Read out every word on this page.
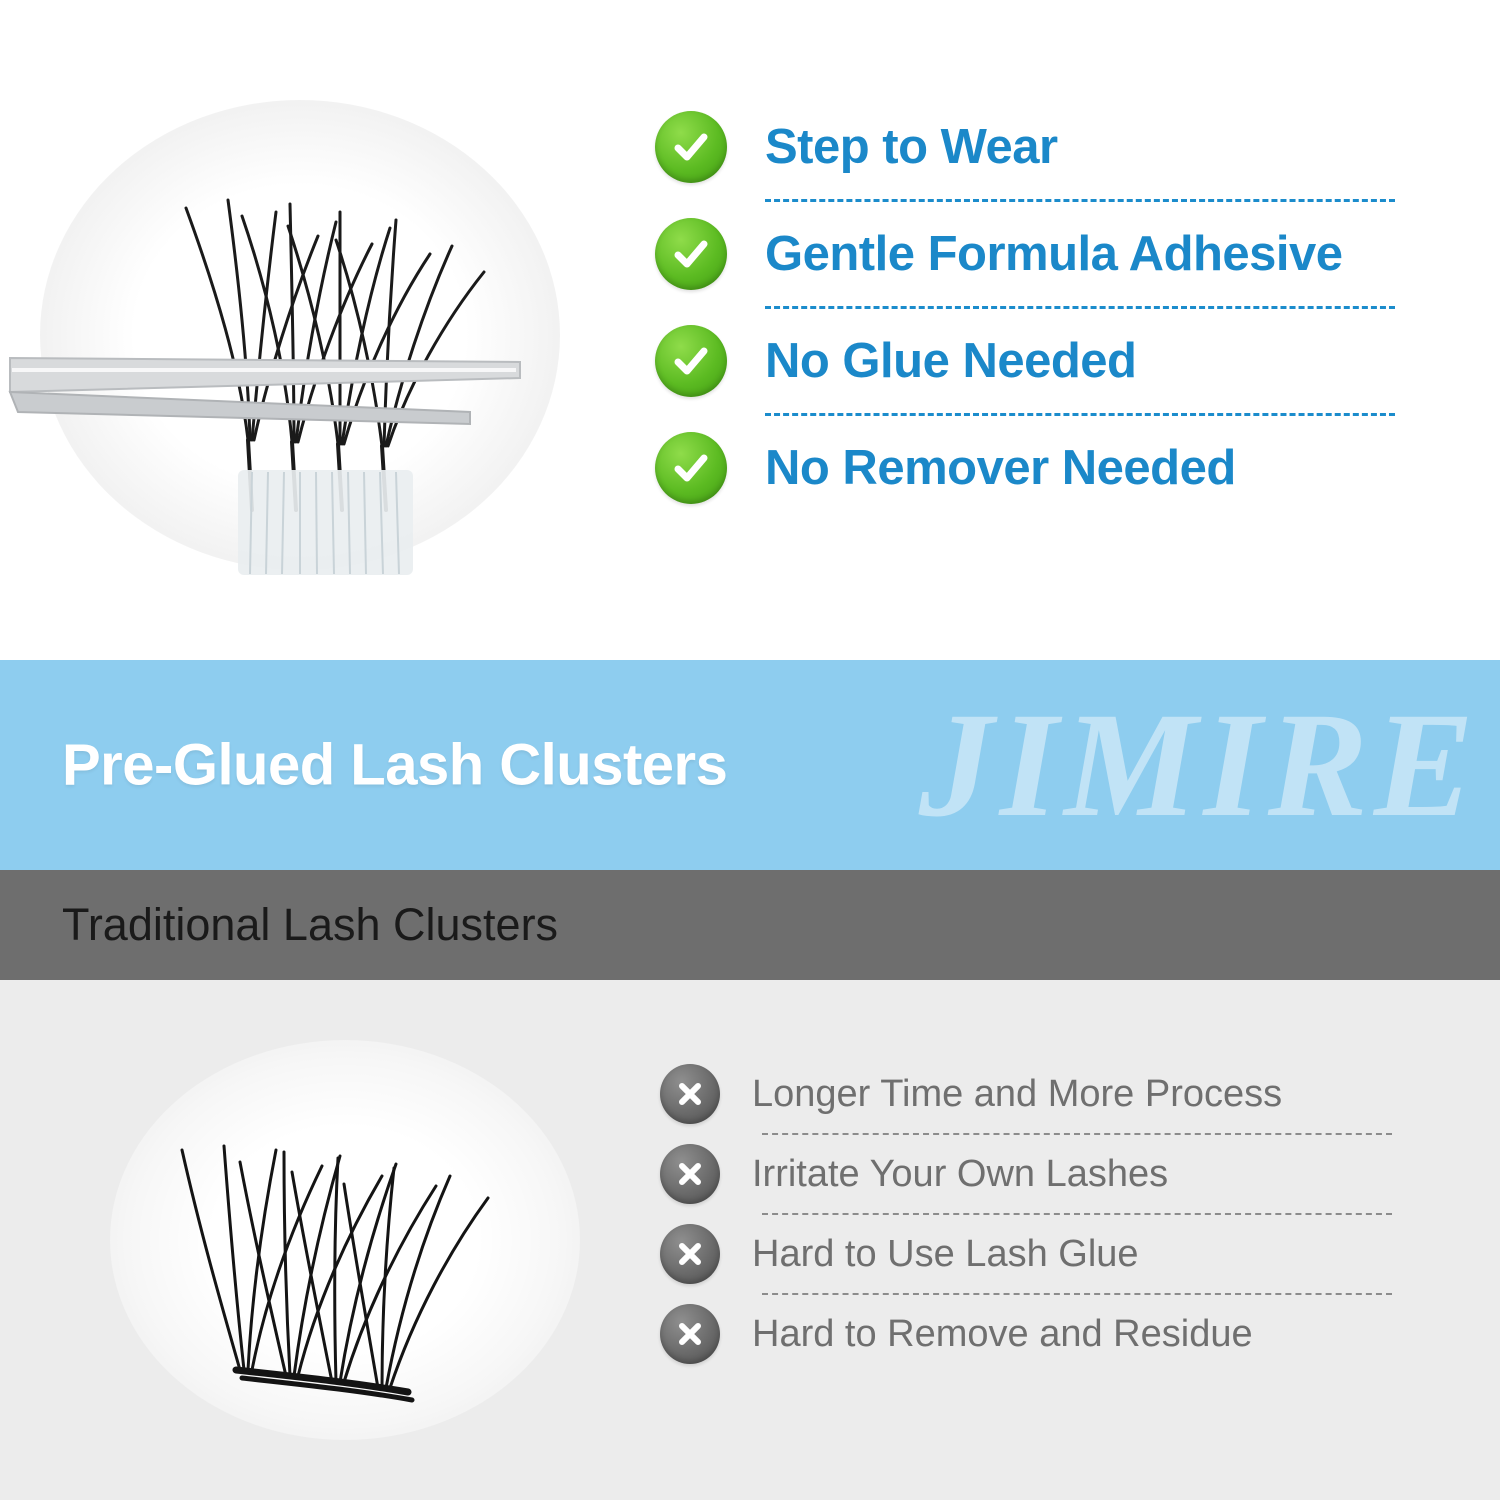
Step to Wear
Gentle Formula Adhesive
No Glue Needed
No Remover Needed
JIMIRE
Pre-Glued Lash Clusters
Traditional Lash Clusters
Longer Time and More Process
Irritate Your Own Lashes
Hard to Use Lash Glue
Hard to Remove and Residue
